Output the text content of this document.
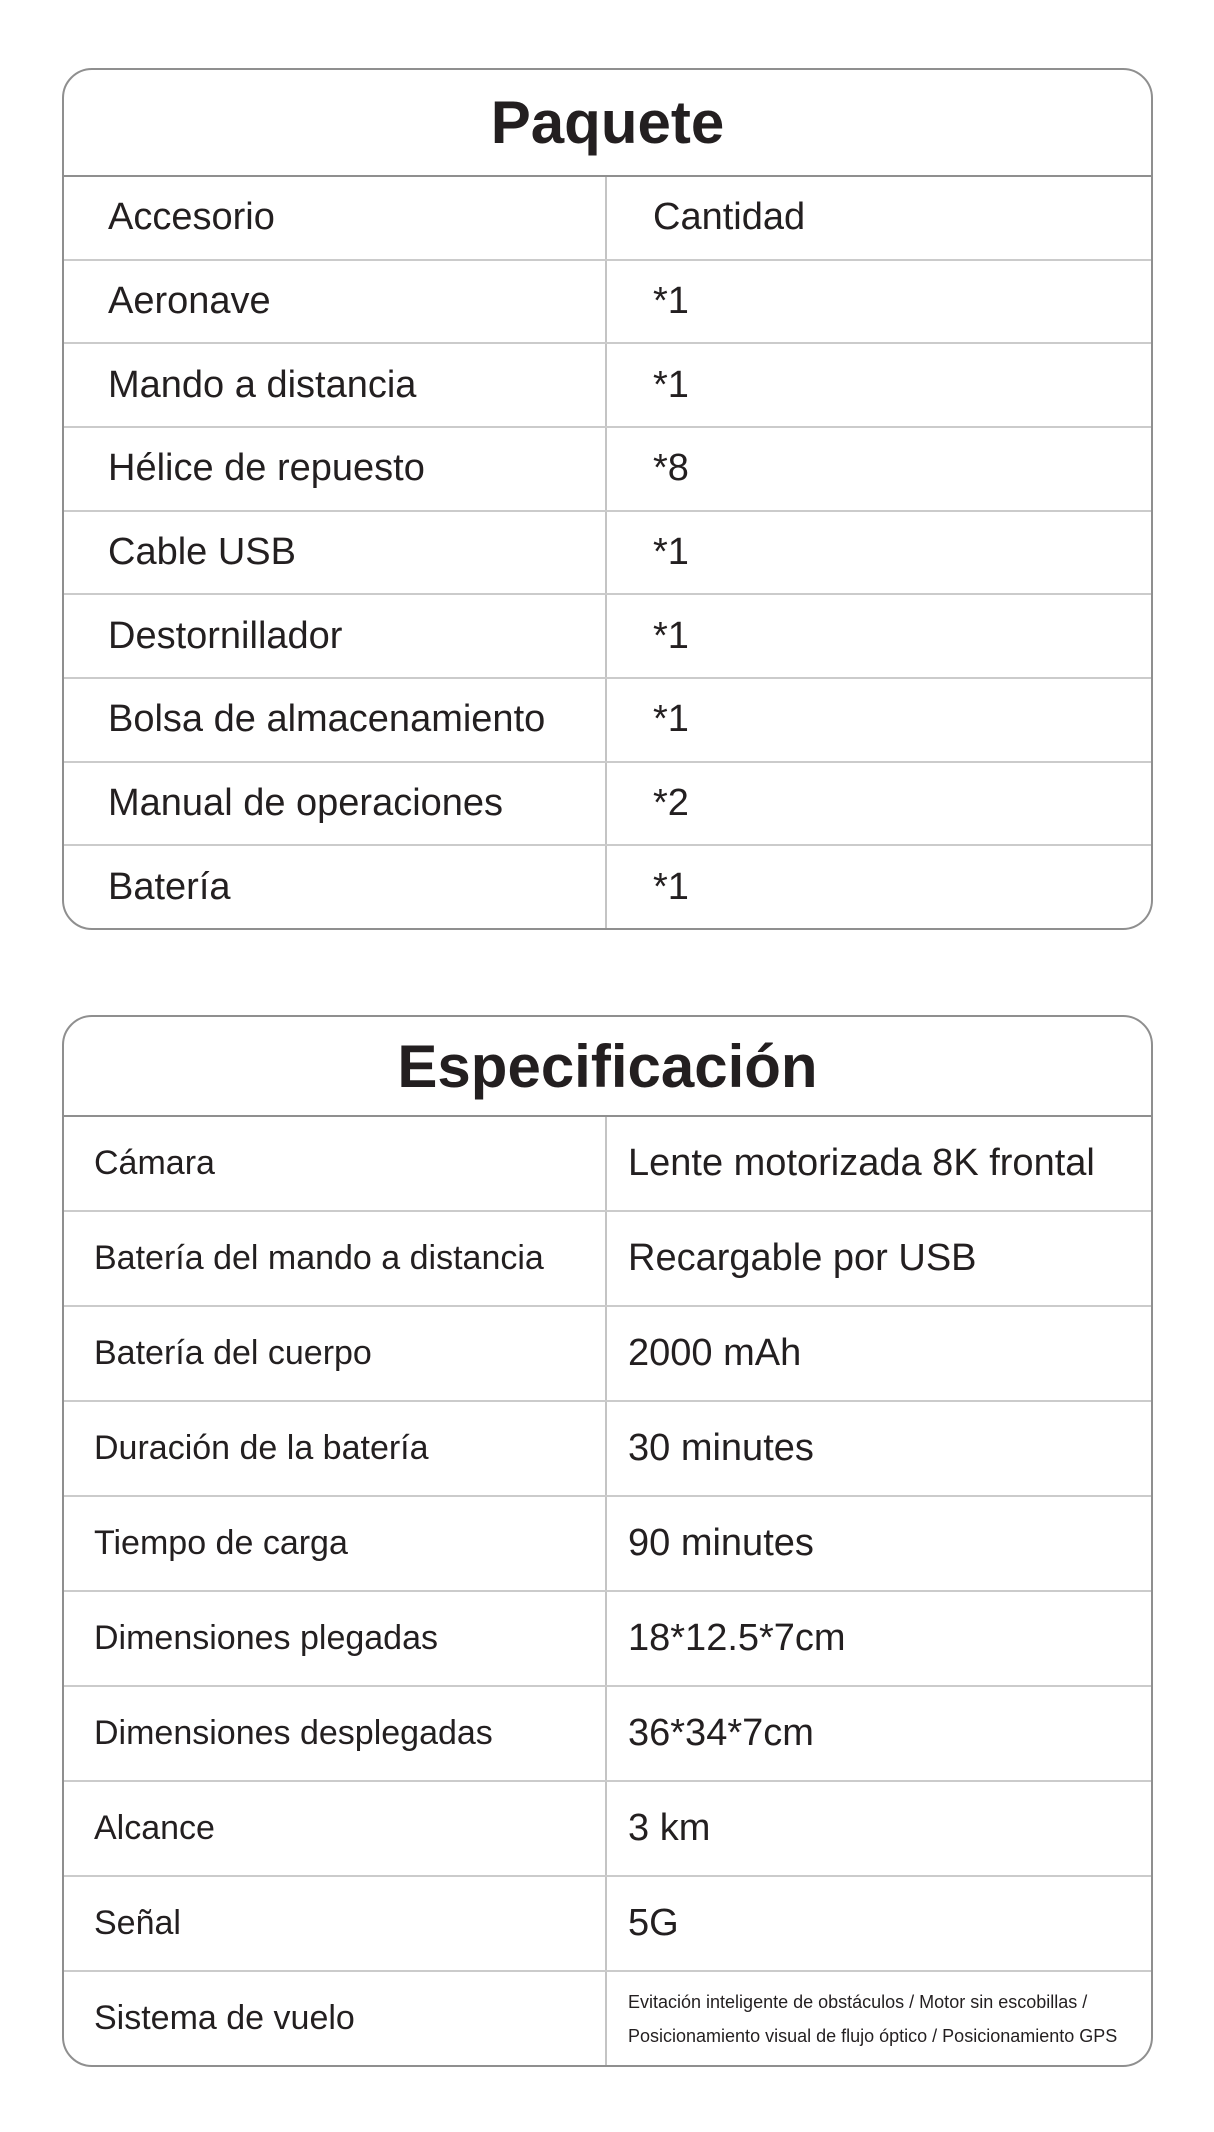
Paquete
Accesorio	Cantidad
Aeronave	*1
Mando a distancia	*1
Hélice de repuesto	*8
Cable USB	*1
Destornillador	*1
Bolsa de almacenamiento	*1
Manual de operaciones	*2
Batería	*1
Especificación
Cámara	Lente motorizada 8K frontal
Batería del mando a distancia	Recargable por USB
Batería del cuerpo	2000 mAh
Duración de la batería	30 minutes
Tiempo de carga	90 minutes
Dimensiones plegadas	18*12.5*7cm
Dimensiones desplegadas	36*34*7cm
Alcance	3 km
Señal	5G
Sistema de vuelo	Evitación inteligente de obstáculos / Motor sin escobillas /
Posicionamiento visual de flujo óptico / Posicionamiento GPS
